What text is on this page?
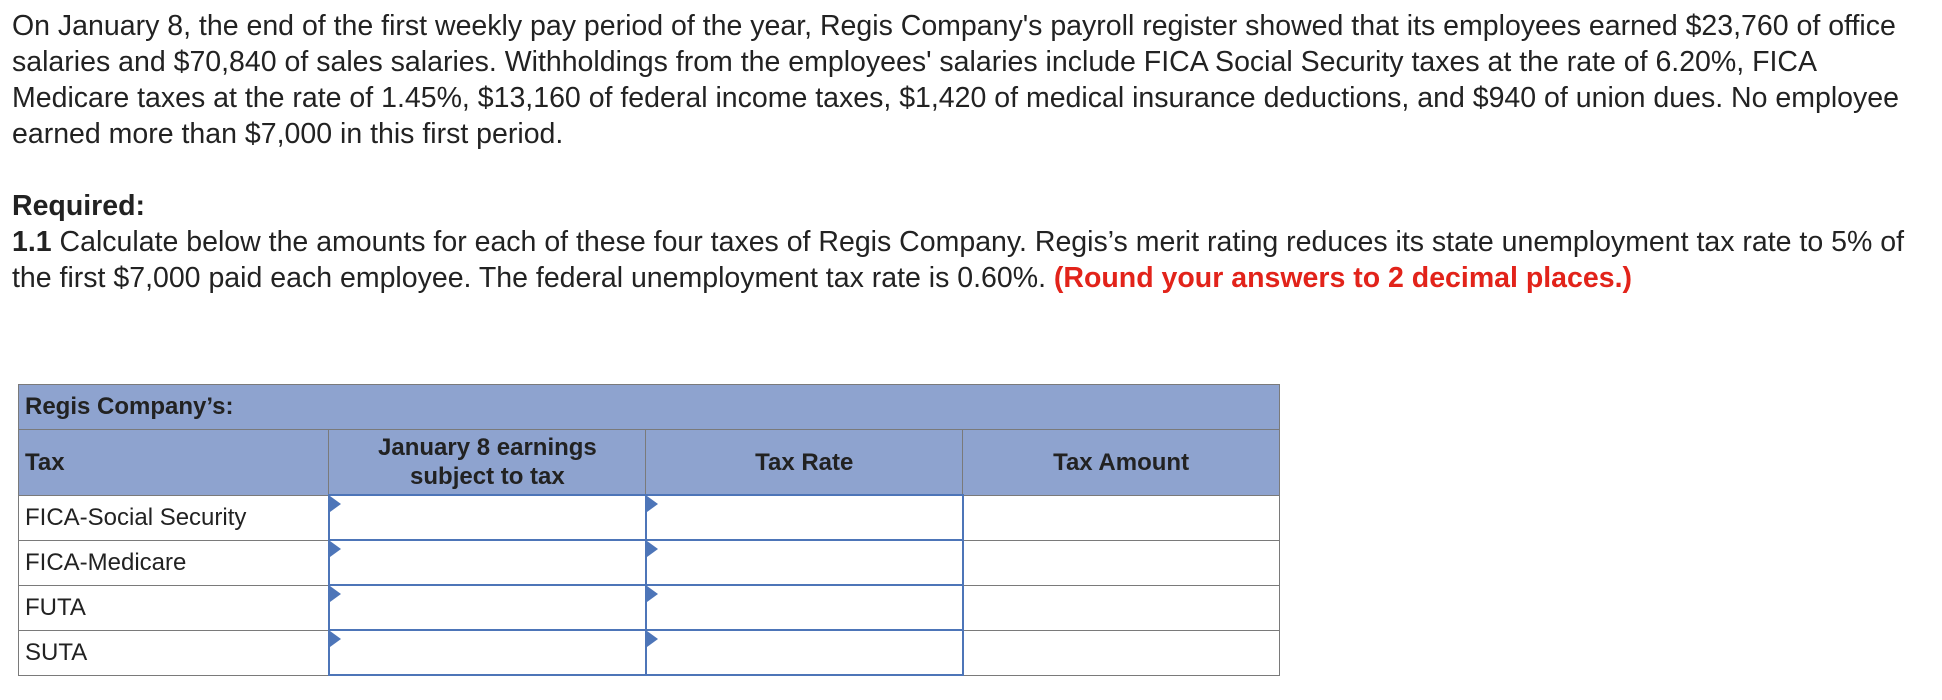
On January 8, the end of the first weekly pay period of the year, Regis Company's payroll register showed that its employees earned $23,760 of office salaries and $70,840 of sales salaries. Withholdings from the employees' salaries include FICA Social Security taxes at the rate of 6.20%, FICA Medicare taxes at the rate of 1.45%, $13,160 of federal income taxes, $1,420 of medical insurance deductions, and $940 of union dues. No employee earned more than $7,000 in this first period.

Required:

1.1 Calculate below the amounts for each of these four taxes of Regis Company. Regis’s merit rating reduces its state unemployment tax rate to 5% of the first $7,000 paid each employee. The federal unemployment tax rate is 0.60%. (Round your answers to 2 decimal places.)

Regis Company’s:			
Tax	January 8 earnings subject to tax	Tax Rate	Tax Amount
FICA-Social Security	

FICA-Medicare	

FUTA	

SUTA	
